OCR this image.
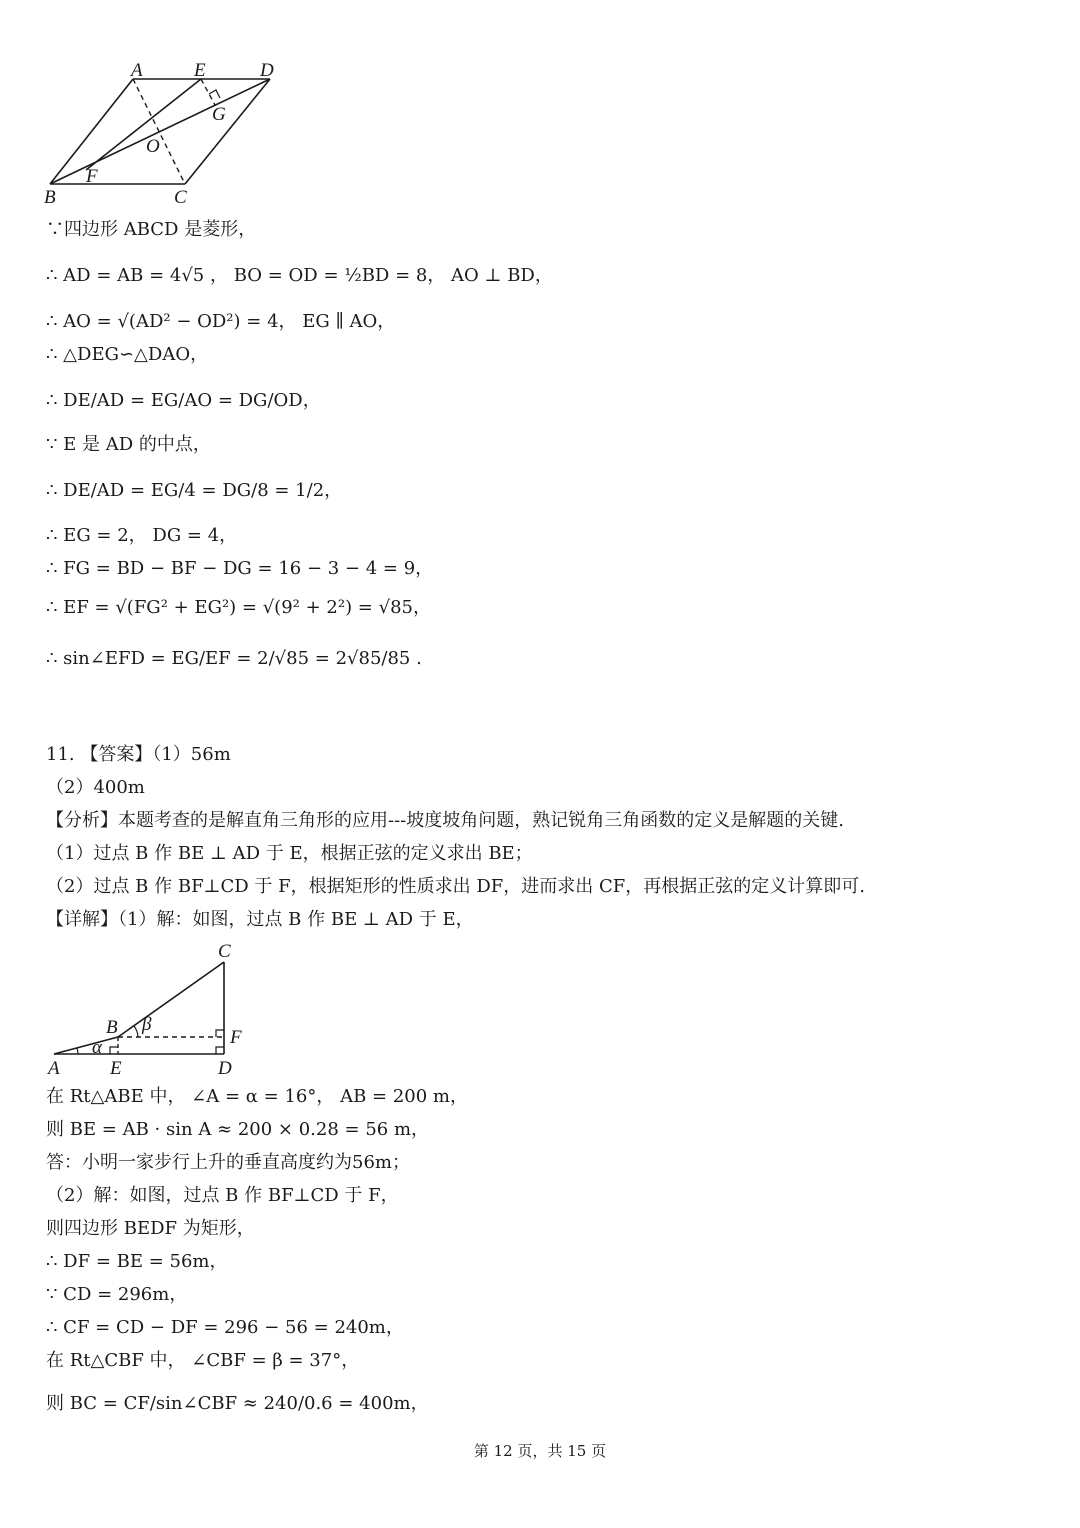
A	E	D
G
O
F
B	C
∵四边形 ABCD 是菱形，
∴ AD = AB = 4√5 ， BO = OD = ½BD = 8， AO ⊥ BD，
∴ AO = √(AD² − OD²) = 4， EG ∥ AO，
∴ △DEG∽△DAO，
∴ DE/AD = EG/AO = DG/OD，
∵ E 是 AD 的中点，
∴ DE/AD = EG/4 = DG/8 = 1/2，
∴ EG = 2， DG = 4，
∴ FG = BD − BF − DG = 16 − 3 − 4 = 9，
∴ EF = √(FG² + EG²) = √(9² + 2²) = √85，
∴ sin∠EFD = EG/EF = 2/√85 = 2√85/85 .
11. 【答案】（1）56m
（2）400m
【分析】本题考查的是解直角三角形的应用---坡度坡角问题，熟记锐角三角函数的定义是解题的关键.
（1）过点 B 作 BE ⊥ AD 于 E，根据正弦的定义求出 BE；
（2）过点 B 作 BF⊥CD 于 F，根据矩形的性质求出 DF，进而求出 CF，再根据正弦的定义计算即可.
【详解】（1）解：如图，过点 B 作 BE ⊥ AD 于 E，
C
B β
F
α
A	E	D
在 Rt△ABE 中， ∠A = α = 16°， AB = 200 m，
则 BE = AB · sin A ≈ 200 × 0.28 = 56 m，
答：小明一家步行上升的垂直高度约为56m；
（2）解：如图，过点 B 作 BF⊥CD 于 F，
则四边形 BEDF 为矩形，
∴ DF = BE = 56m，
∵ CD = 296m，
∴ CF = CD − DF = 296 − 56 = 240m，
在 Rt△CBF 中， ∠CBF = β = 37°，
则 BC = CF/sin∠CBF ≈ 240/0.6 = 400m，
第 12 页，共 15 页
